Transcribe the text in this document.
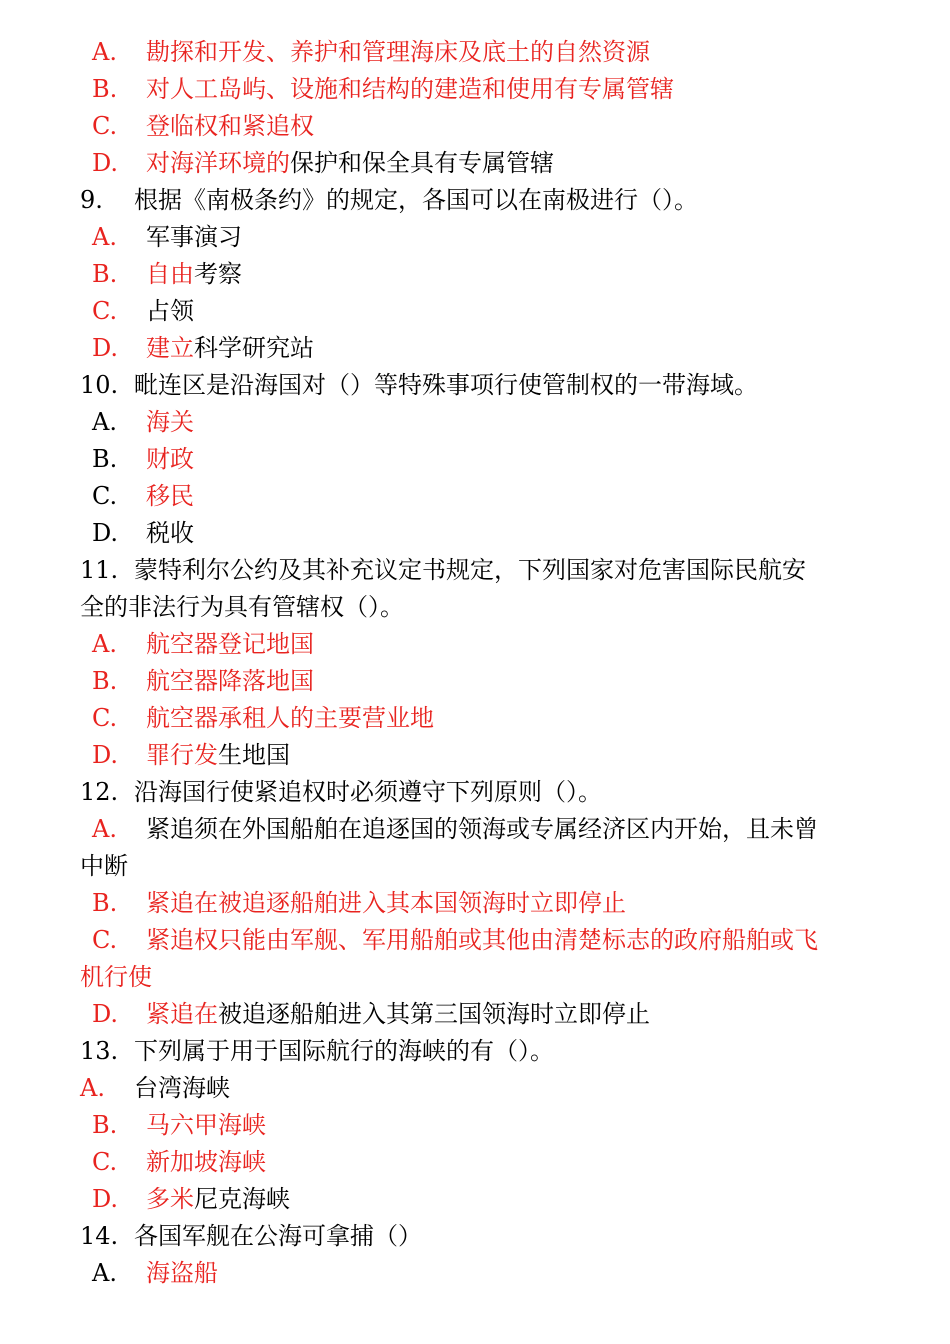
A. 勘探和开发、养护和管理海床及底土的自然资源
B. 对人工岛屿、设施和结构的建造和使用有专属管辖
C. 登临权和紧追权
D. 对海洋环境的保护和保全具有专属管辖
9. 根据《南极条约》的规定，各国可以在南极进行（）。
A. 军事演习
B. 自由考察
C. 占领
D. 建立科学研究站
10. 毗连区是沿海国对（）等特殊事项行使管制权的一带海域。
A. 海关
B. 财政
C. 移民
D. 税收
11. 蒙特利尔公约及其补充议定书规定，下列国家对危害国际民航安
全的非法行为具有管辖权（）。
A. 航空器登记地国
B. 航空器降落地国
C. 航空器承租人的主要营业地
D. 罪行发生地国
12. 沿海国行使紧追权时必须遵守下列原则（）。
A. 紧追须在外国船舶在追逐国的领海或专属经济区内开始，且未曾
中断
B. 紧追在被追逐船舶进入其本国领海时立即停止
C. 紧追权只能由军舰、军用船舶或其他由清楚标志的政府船舶或飞
机行使
D. 紧追在被追逐船舶进入其第三国领海时立即停止
13. 下列属于用于国际航行的海峡的有（）。
A. 台湾海峡
B. 马六甲海峡
C. 新加坡海峡
D. 多米尼克海峡
14. 各国军舰在公海可拿捕（）
A. 海盗船
